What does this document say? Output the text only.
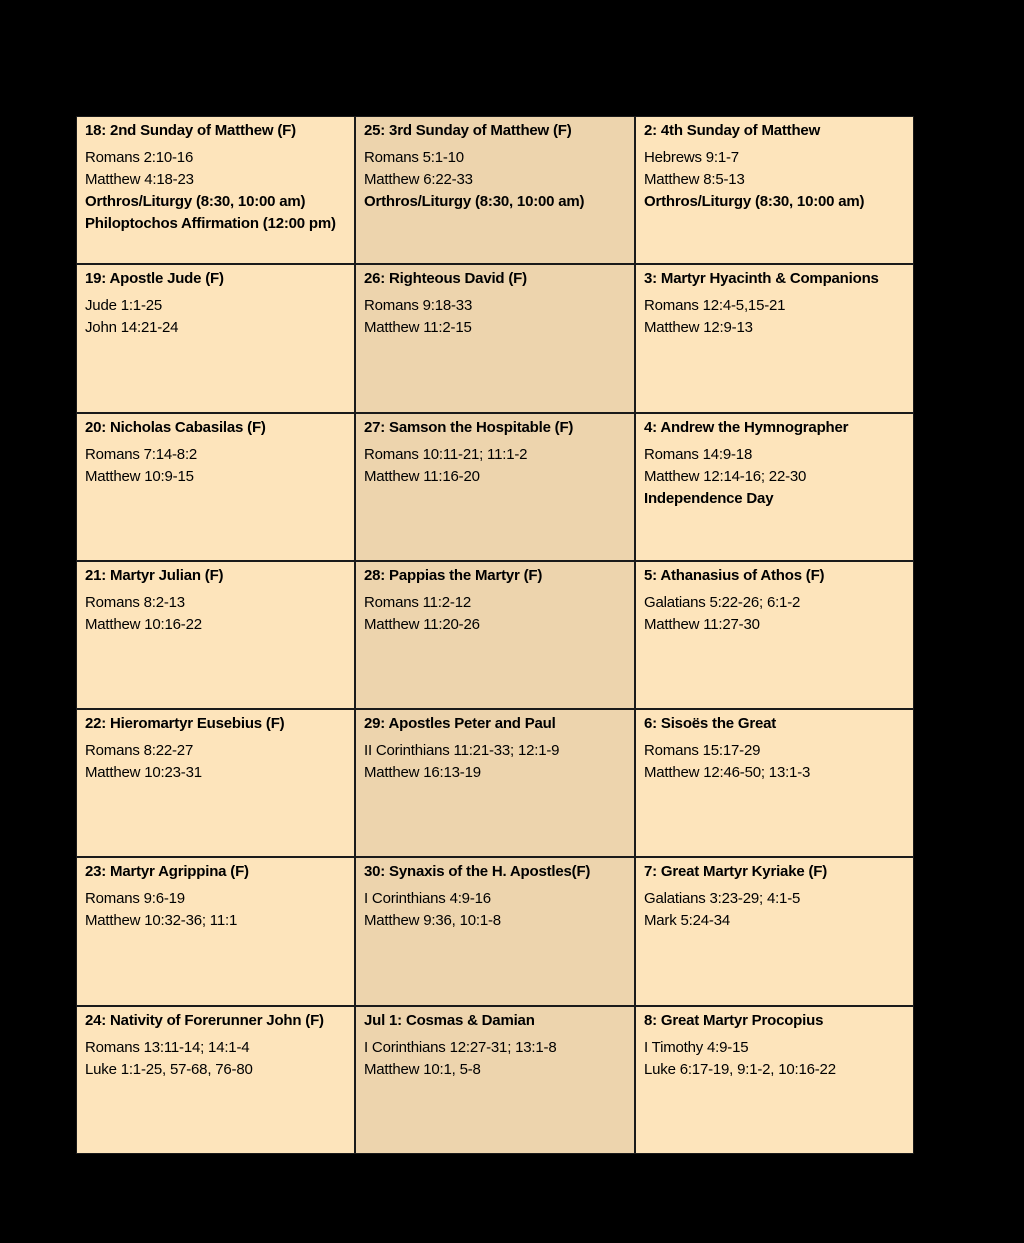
18: 2nd Sunday of Matthew (F)
Romans 2:10-16
Matthew 4:18-23
Orthros/Liturgy (8:30, 10:00 am)
Philoptochos Affirmation (12:00 pm)
25: 3rd Sunday of Matthew (F)
Romans 5:1-10
Matthew 6:22-33
Orthros/Liturgy (8:30, 10:00 am)
2: 4th Sunday of Matthew
Hebrews 9:1-7
Matthew 8:5-13
Orthros/Liturgy (8:30, 10:00 am)
19: Apostle Jude (F)
Jude 1:1-25
John 14:21-24
26: Righteous David (F)
Romans 9:18-33
Matthew 11:2-15
3: Martyr Hyacinth & Companions
Romans 12:4-5,15-21
Matthew 12:9-13
20: Nicholas Cabasilas (F)
Romans 7:14-8:2
Matthew 10:9-15
27: Samson the Hospitable (F)
Romans 10:11-21; 11:1-2
Matthew 11:16-20
4: Andrew the Hymnographer
Romans 14:9-18
Matthew 12:14-16; 22-30
Independence Day
21: Martyr Julian (F)
Romans 8:2-13
Matthew 10:16-22
28: Pappias the Martyr (F)
Romans 11:2-12
Matthew 11:20-26
5: Athanasius of Athos (F)
Galatians 5:22-26; 6:1-2
Matthew 11:27-30
22: Hieromartyr Eusebius (F)
Romans 8:22-27
Matthew 10:23-31
29: Apostles Peter and Paul
II Corinthians 11:21-33; 12:1-9
Matthew 16:13-19
6: Sisoës the Great
Romans 15:17-29
Matthew 12:46-50; 13:1-3
23: Martyr Agrippina (F)
Romans 9:6-19
Matthew 10:32-36; 11:1
30: Synaxis of the H. Apostles(F)
I Corinthians 4:9-16
Matthew 9:36, 10:1-8
7: Great Martyr Kyriake (F)
Galatians 3:23-29; 4:1-5
Mark 5:24-34
24: Nativity of Forerunner John (F)
Romans 13:11-14; 14:1-4
Luke 1:1-25, 57-68, 76-80
Jul 1: Cosmas & Damian
I Corinthians 12:27-31; 13:1-8
Matthew 10:1, 5-8
8: Great Martyr Procopius
I Timothy 4:9-15
Luke 6:17-19, 9:1-2, 10:16-22
